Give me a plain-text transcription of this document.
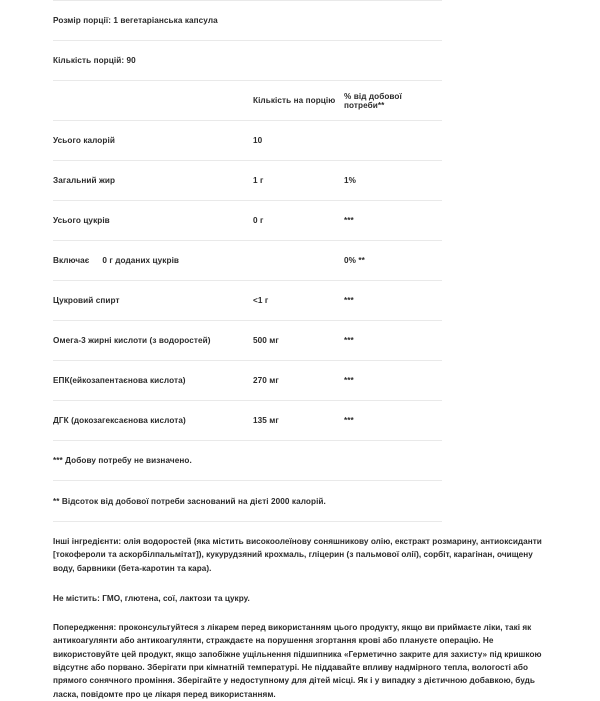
Розмір порції: 1 вегетаріанська капсула
Кількість порцій: 90
	Кількість на порцію	% від добової потреби**
Усього калорій	10	
Загальний жир	1 г	1%
Усього цукрів	0 г	***
Включає 0 г доданих цукрів		0% **
Цукровий спирт	<1 г	***
Омега-3 жирні кислоти (з водоростей)	500 мг	***
ЕПК(ейкозапентаєнова кислота)	270 мг	***
ДГК (докозагексаєнова кислота)	135 мг	***
*** Добову потребу не визначено.
** Відсоток від добової потреби заснований на дієті 2000 калорій.

Інші інгредієнти: олія водоростей (яка містить високоолеїнову соняшникову олію, екстракт розмарину, антиоксиданти [токофероли та аскорбілпальмітат]), кукурудзяний крохмаль, гліцерин (з пальмової олії), сорбіт, карагінан, очищену воду, барвники (бета-каротин та кара).

Не містить: ГМО, глютена, сої, лактози та цукру.

Попередження: проконсультуйтеся з лікарем перед використанням цього продукту, якщо ви приймаєте ліки, такі як антикоагулянти або антикоагулянти, страждаєте на порушення згортання крові або плануєте операцію. Не використовуйте цей продукт, якщо запобіжне ущільнення підшипника «Герметично закрите для захисту» під кришкою відсутнє або порвано. Зберігати при кімнатній температурі. Не піддавайте впливу надмірного тепла, вологості або прямого сонячного проміння. Зберігайте у недоступному для дітей місці. Як і у випадку з дієтичною добавкою, будь ласка, повідомте про це лікаря перед використанням.
